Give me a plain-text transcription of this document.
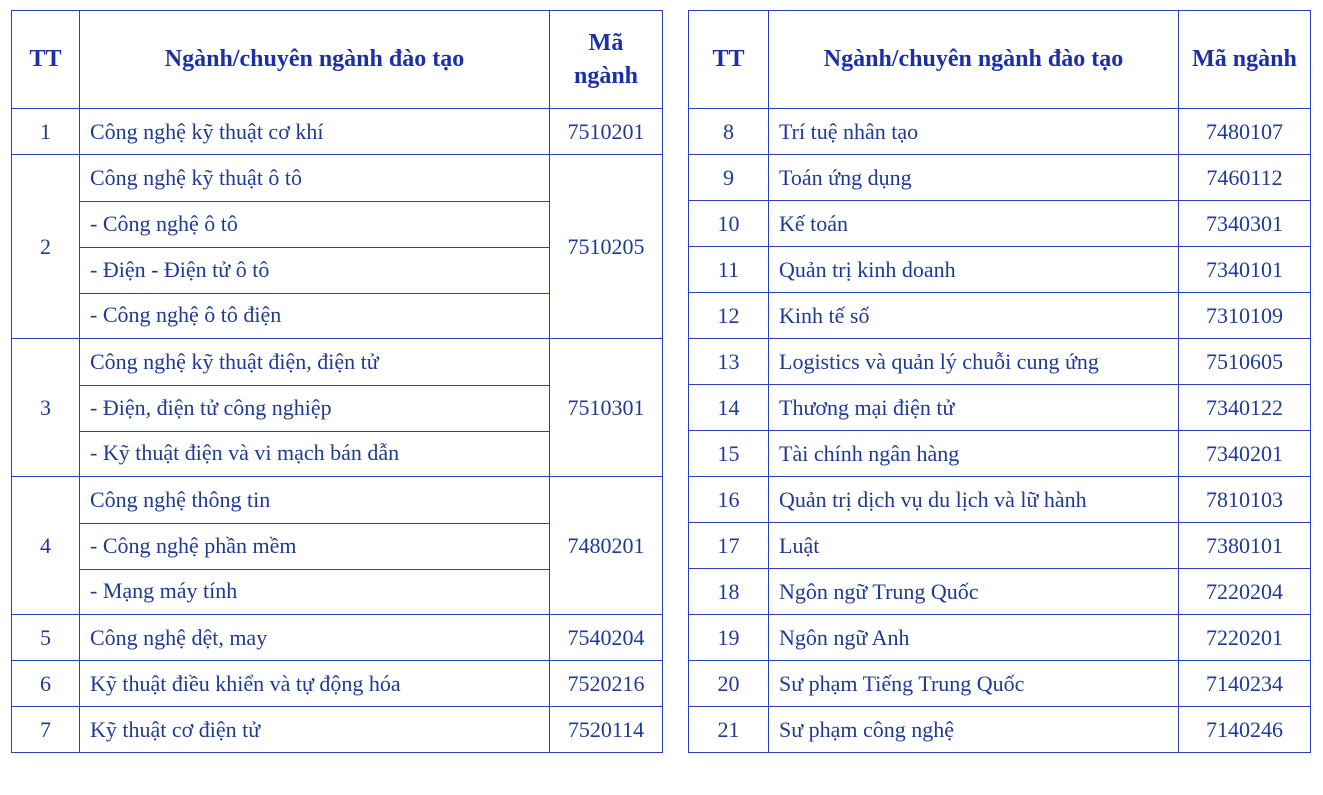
TT	Ngành/chuyên ngành đào tạo	Mã ngành
1	Công nghệ kỹ thuật cơ khí	7510201
2	Công nghệ kỹ thuật ô tô	7510205
	- Công nghệ ô tô	
	- Điện - Điện tử ô tô	
	- Công nghệ ô tô điện	
3	Công nghệ kỹ thuật điện, điện tử	7510301
	- Điện, điện tử công nghiệp	
	- Kỹ thuật điện và vi mạch bán dẫn	
4	Công nghệ thông tin	7480201
	- Công nghệ phần mềm	
	- Mạng máy tính	
5	Công nghệ dệt, may	7540204
6	Kỹ thuật điều khiển và tự động hóa	7520216
7	Kỹ thuật cơ điện tử	7520114
TT	Ngành/chuyên ngành đào tạo	Mã ngành
8	Trí tuệ nhân tạo	7480107
9	Toán ứng dụng	7460112
10	Kế toán	7340301
11	Quản trị kinh doanh	7340101
12	Kinh tế số	7310109
13	Logistics và quản lý chuỗi cung ứng	7510605
14	Thương mại điện tử	7340122
15	Tài chính ngân hàng	7340201
16	Quản trị dịch vụ du lịch và lữ hành	7810103
17	Luật	7380101
18	Ngôn ngữ Trung Quốc	7220204
19	Ngôn ngữ Anh	7220201
20	Sư phạm Tiếng Trung Quốc	7140234
21	Sư phạm công nghệ	7140246
